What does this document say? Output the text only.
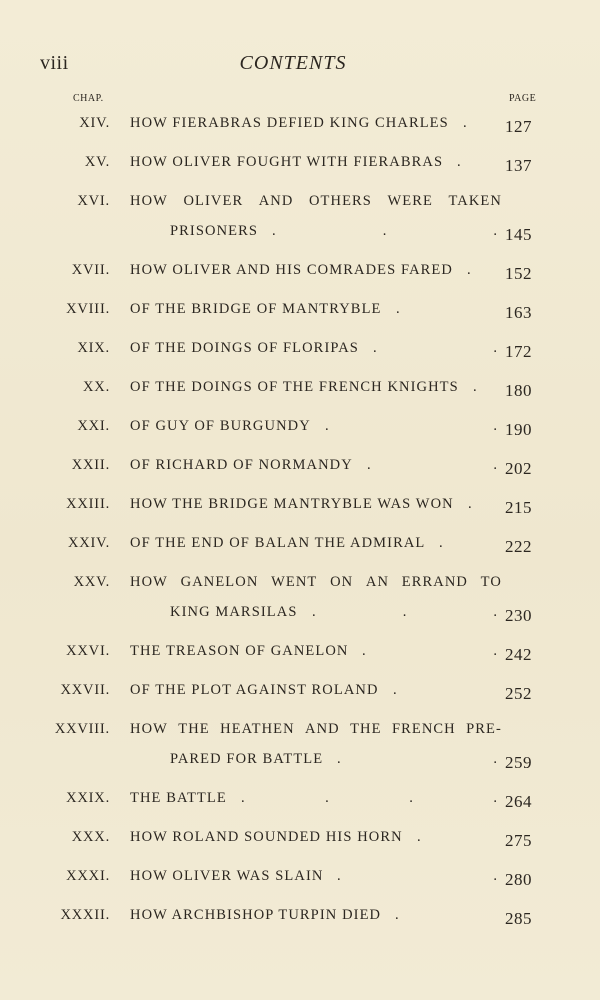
viii	CONTENTS
CHAP.	PAGE
XIV. HOW FIERABRAS DEFIED KING CHARLES . 127
XV. HOW OLIVER FOUGHT WITH FIERABRAS .	137
XVI. HOW OLIVER AND OTHERS WERE TAKEN
PRISONERS .	.	. 145
XVII. HOW OLIVER AND HIS COMRADES FARED . 152
XVIII. OF THE BRIDGE OF MANTRYBLE	.	163
XIX. OF THE DOINGS OF FLORIPAS .	. 172
XX. OF THE DOINGS OF THE FRENCH KNIGHTS . 180
XXI. OF GUY OF BURGUNDY .	. 190
XXII. OF RICHARD OF NORMANDY .	. 202
XXIII. HOW THE BRIDGE MANTRYBLE WAS WON . 215
XXIV. OF THE END OF BALAN THE ADMIRAL .	222
XXV. HOW GANELON WENT ON AN ERRAND TO
KING MARSILAS .	.	. 230
XXVI. THE TREASON OF GANELON .	. 242
XXVII. OF THE PLOT AGAINST ROLAND .	252
XXVIII. HOW THE HEATHEN AND THE FRENCH PRE-
PARED FOR BATTLE .	. 259
XXIX. THE BATTLE .	.	.	. 264
XXX. HOW ROLAND SOUNDED HIS HORN .	275
XXXI. HOW OLIVER WAS SLAIN .	. 280
XXXII. HOW ARCHBISHOP TURPIN DIED .	285
